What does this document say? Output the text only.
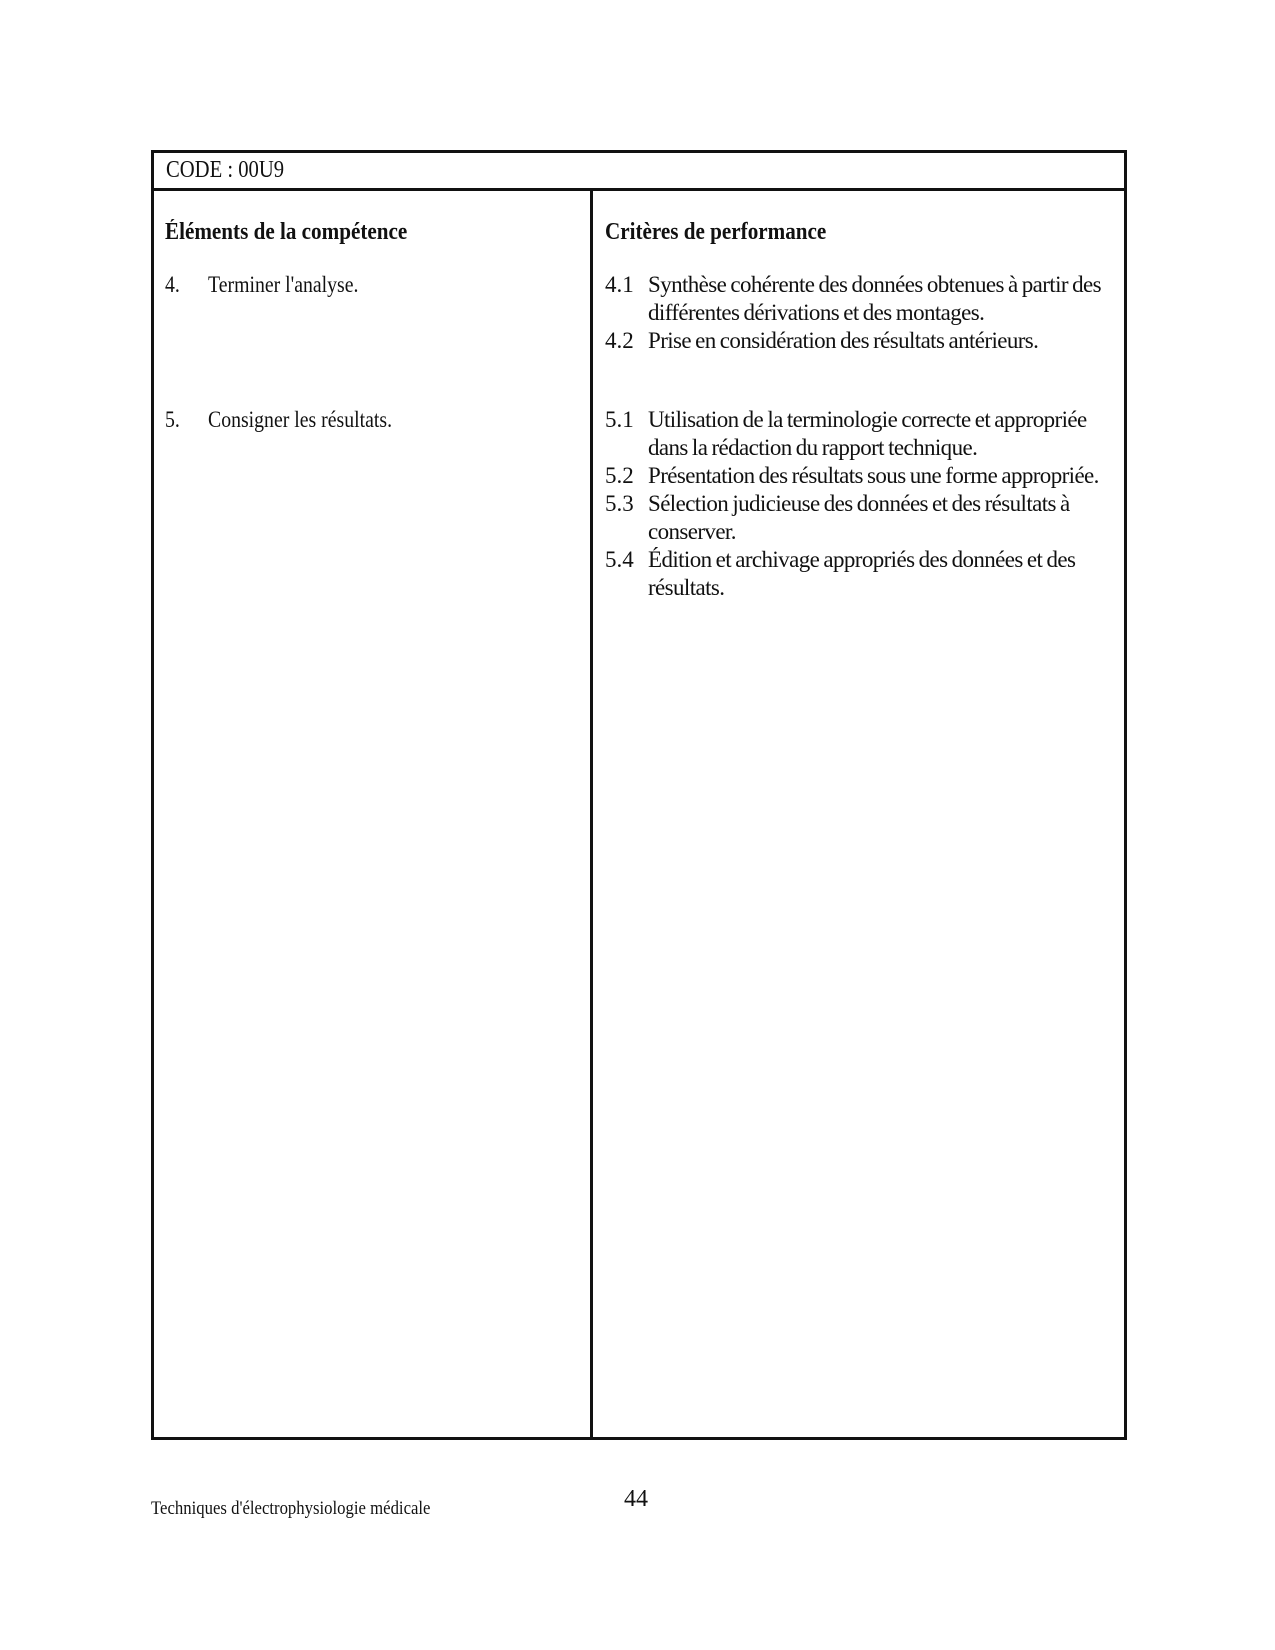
CODE : 00U9
Éléments de la compétence
4. Terminer l'analyse.
5. Consigner les résultats.
Critères de performance
4.1 Synthèse cohérente des données obtenues à partir des différentes dérivations et des montages.
4.2 Prise en considération des résultats antérieurs.
5.1 Utilisation de la terminologie correcte et appropriée dans la rédaction du rapport technique.
5.2 Présentation des résultats sous une forme appropriée.
5.3 Sélection judicieuse des données et des résultats à conserver.
5.4 Édition et archivage appropriés des données et des résultats.
Techniques d'électrophysiologie médicale	44
